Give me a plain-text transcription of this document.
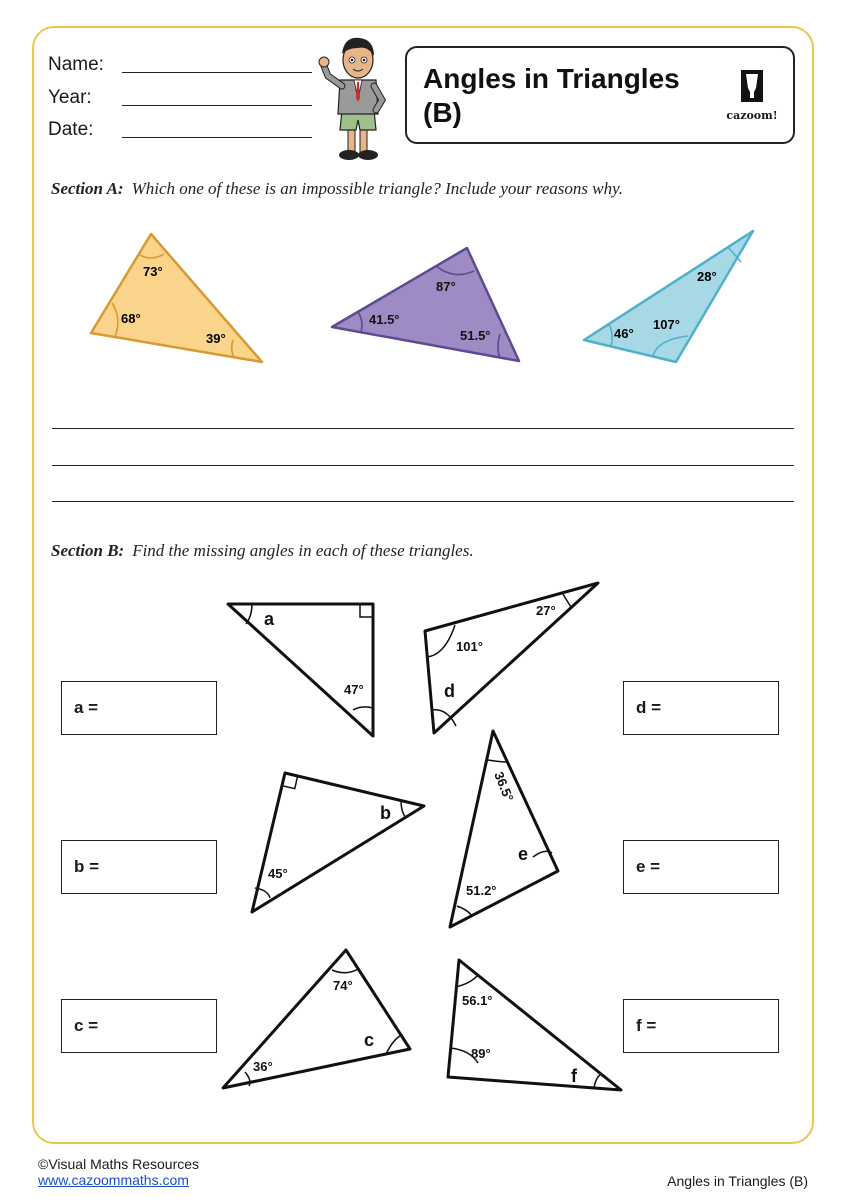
Name:
Year:
Date:
Angles in Triangles
(B)	cazoom!
Section A: Which one of these is an impossible triangle? Include your reasons why.
73°
68°
39°
87°
41.5°
51.5°
28°
46°
107°
Section B: Find the missing angles in each of these triangles.
a
47°
27°
101°
d
b
45°
36.5°
e
51.2°
74°
c
36°
56.1°
89°
f
a =
b =
c =
d =
e =
f =
©Visual Maths Resources
www.cazoommaths.com	Angles in Triangles (B)
